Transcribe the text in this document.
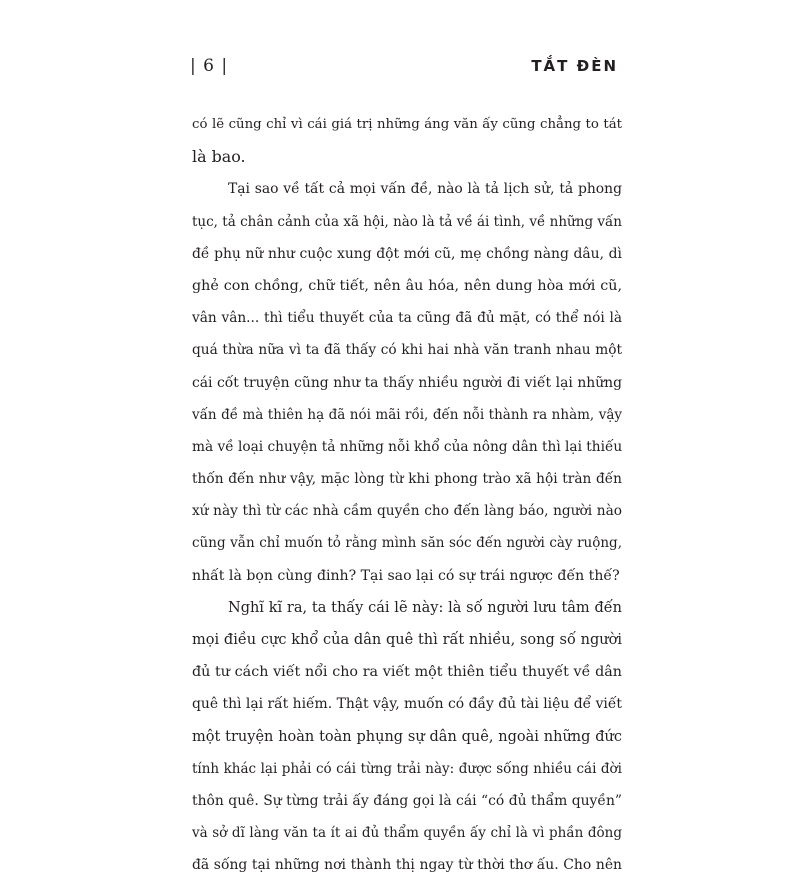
| 6 |	TẮT ĐÈN
có lẽ cũng chỉ vì cái giá trị những áng văn ấy cũng chẳng to tát
là bao.
Tại sao về tất cả mọi vấn đề, nào là tả lịch sử, tả phong
tục, tả chân cảnh của xã hội, nào là tả về ái tình, về những vấn
đề phụ nữ như cuộc xung đột mới cũ, mẹ chồng nàng dâu, dì
ghẻ con chồng, chữ tiết, nên âu hóa, nên dung hòa mới cũ,
vân vân... thì tiểu thuyết của ta cũng đã đủ mặt, có thể nói là
quá thừa nữa vì ta đã thấy có khi hai nhà văn tranh nhau một
cái cốt truyện cũng như ta thấy nhiều người đi viết lại những
vấn đề mà thiên hạ đã nói mãi rồi, đến nỗi thành ra nhàm, vậy
mà về loại chuyện tả những nỗi khổ của nông dân thì lại thiếu
thốn đến như vậy, mặc lòng từ khi phong trào xã hội tràn đến
xứ này thì từ các nhà cầm quyền cho đến làng báo, người nào
cũng vẫn chỉ muốn tỏ rằng mình săn sóc đến người cày ruộng,
nhất là bọn cùng đinh? Tại sao lại có sự trái ngược đến thế?
Nghĩ kĩ ra, ta thấy cái lẽ này: là số người lưu tâm đến
mọi điều cực khổ của dân quê thì rất nhiều, song số người
đủ tư cách viết nổi cho ra viết một thiên tiểu thuyết về dân
quê thì lại rất hiếm. Thật vậy, muốn có đầy đủ tài liệu để viết
một truyện hoàn toàn phụng sự dân quê, ngoài những đức
tính khác lại phải có cái từng trải này: được sống nhiều cái đời
thôn quê. Sự từng trải ấy đáng gọi là cái “có đủ thẩm quyền”
và sở dĩ làng văn ta ít ai đủ thẩm quyền ấy chỉ là vì phần đông
đã sống tại những nơi thành thị ngay từ thời thơ ấu. Cho nên
